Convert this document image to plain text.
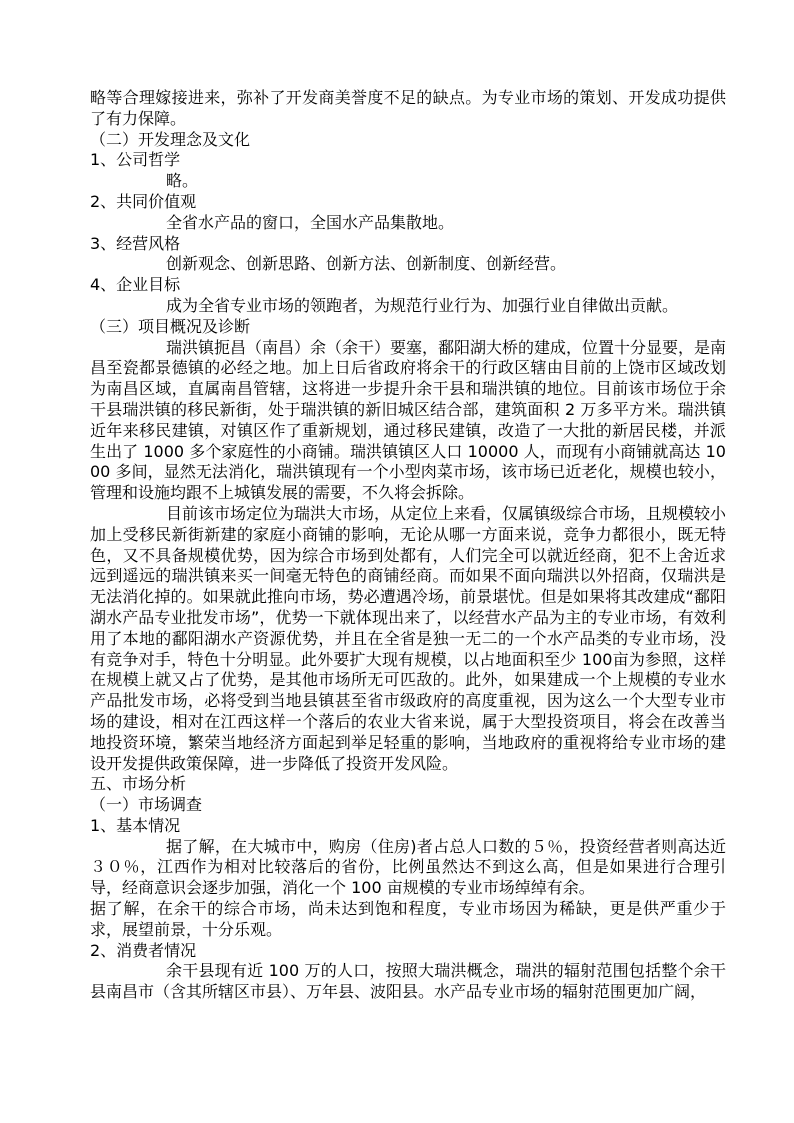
略等合理嫁接进来，弥补了开发商美誉度不足的缺点。为专业市场的策划、开发成功提供了有力保障。

（二）开发理念及文化

1、公司哲学

略。

2、共同价值观

全省水产品的窗口，全国水产品集散地。

3、经营风格

创新观念、创新思路、创新方法、创新制度、创新经营。

4、企业目标

成为全省专业市场的领跑者，为规范行业行为、加强行业自律做出贡献。

（三）项目概况及诊断

瑞洪镇扼昌（南昌）余（余干）要塞，鄱阳湖大桥的建成，位置十分显要，是南昌至瓷都景德镇的必经之地。加上日后省政府将余干的行政区辖由目前的上饶市区域改划为南昌区域，直属南昌管辖，这将进一步提升余干县和瑞洪镇的地位。目前该市场位于余干县瑞洪镇的移民新街，处于瑞洪镇的新旧城区结合部，建筑面积 2 万多平方米。瑞洪镇近年来移民建镇，对镇区作了重新规划，通过移民建镇，改造了一大批的新居民楼，并派生出了 1000 多个家庭性的小商铺。瑞洪镇镇区人口 10000 人，而现有小商铺就高达 1000 多间，显然无法消化，瑞洪镇现有一个小型肉菜市场，该市场已近老化，规模也较小，管理和设施均跟不上城镇发展的需要，不久将会拆除。

目前该市场定位为瑞洪大市场，从定位上来看，仅属镇级综合市场，且规模较小加上受移民新街新建的家庭小商铺的影响，无论从哪一方面来说，竞争力都很小，既无特色，又不具备规模优势，因为综合市场到处都有，人们完全可以就近经商，犯不上舍近求远到遥远的瑞洪镇来买一间毫无特色的商铺经商。而如果不面向瑞洪以外招商，仅瑞洪是无法消化掉的。如果就此推向市场，势必遭遇冷场，前景堪忧。但是如果将其改建成“鄱阳湖水产品专业批发市场”，优势一下就体现出来了，以经营水产品为主的专业市场，有效利用了本地的鄱阳湖水产资源优势，并且在全省是独一无二的一个水产品类的专业市场，没有竞争对手，特色十分明显。此外要扩大现有规模，以占地面积至少 100亩为参照，这样在规模上就又占了优势，是其他市场所无可匹敌的。此外，如果建成一个上规模的专业水产品批发市场，必将受到当地县镇甚至省市级政府的高度重视，因为这么一个大型专业市场的建设，相对在江西这样一个落后的农业大省来说，属于大型投资项目，将会在改善当地投资环境，繁荣当地经济方面起到举足轻重的影响，当地政府的重视将给专业市场的建设开发提供政策保障，进一步降低了投资开发风险。

五、市场分析

（一）市场调查

1、基本情况

据了解，在大城市中，购房（住房)者占总人口数的５％，投资经营者则高达近３０％，江西作为相对比较落后的省份，比例虽然达不到这么高，但是如果进行合理引导，经商意识会逐步加强，消化一个 100 亩规模的专业市场绰绰有余。

据了解，在余干的综合市场，尚未达到饱和程度，专业市场因为稀缺，更是供严重少于求，展望前景，十分乐观。

2、消费者情况

余干县现有近 100 万的人口，按照大瑞洪概念，瑞洪的辐射范围包括整个余干县南昌市（含其所辖区市县）、万年县、波阳县。水产品专业市场的辐射范围更加广阔，
